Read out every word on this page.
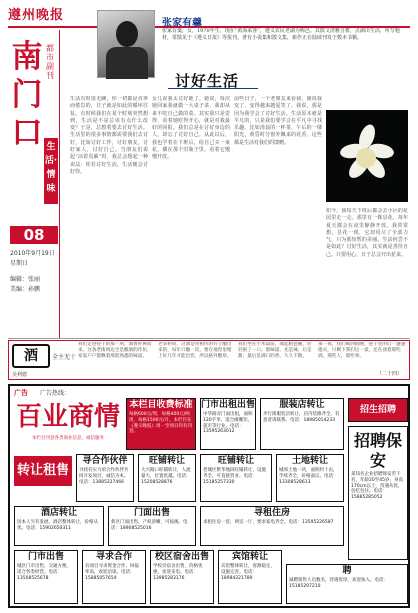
遵州晚报
南
门
口
都市副刊
生活·情味
08
2010年9月19日
星期日
编辑：张丽
美编：孙鹏
张家有羹
张家有羹，女，1970年生，现在“黄海来客”，遵义农民老湖为称邑。其散文清雅含蓄，点滴出生活，所写题材，常散见于《遵义日报》等报刊。著有小说集和散文集，新作正在陆续刊发于数本书籍。
讨好生活
生活有时很无聊，你一切都是直率而倦怠的，日子就是如此的循环往复。有时候我们在某个时刻突然想到，生活是不是总该有点什么改变？于是，总想着要去讨好生活。生活里的很多事情都需要我们去讨好，比如讨好工作，讨好朋友，讨好家人，讨好自己。当朋友们说起“活着真累”时，我总会想起一种说法：你若讨好生活，生活便会讨好你。
女儿说我太讨好她了。她说，每次她回家我就做一大桌子菜，我却从来不吃自己做的菜。其实我只是觉得，看着她吃得开心，就是对我最好的回报。我们总是在讨好身边的人，却忘了讨好自己。从此以后，我也学着在下班后，给自己买一束花，插在那个旧瓶子里，看着它慢慢开放。
前些日子，一个老朋友来看我，她说我变了，变得越来越爱笑了。我说，那是因为我学会了讨好生活。生活原本就是平凡的，只是我们要学会在平凡中寻找乐趣。比如清晨的一杯茶，午后的一缕阳光，黄昏时分窗外飘来的花香，这些都是生活对我们的馈赠。
如今，我每天下班后都会去小区的花园里走一走。那里有一株昙花，每年夏天都会在夜里静静开放。我常常想，昙花一现，它却用尽了全部力气，只为那短暂的美丽。生活何尝不是如此？讨好生活，其实就是善待自己。只要用心，日子总会开出花来。
酒	全主无十
吴利德
我们走进巷子的那一刻，酒香扑鼻而来。这条老街两边全是酿酒的作坊，家家户户都飘着那股熟悉的味道。
老掌柜说，这酒是用祖传的方子酿出来的，每年只酿一次，要在地窖里埋上好几年才能出窖，所以格外醇厚。
我们坐在小木桌前，端起粗瓷碗，轻轻抿了一口。那味道，先是辣，后是甜，最后是满口的香，久久不散。
那一夜，我们喝到很晚。巷子里的灯一盏盏熄灭，只剩下我们这一桌，还在谈着那些酒，那些人，那些事。
（二十四）
广告 广告热线：
百业商情
本栏目刊登各类商业信息，诚信服务
本栏目收费标准
每格600元/周，每格400元/两周，每格1500元/月。本栏目在《遵义晚报》周一至周日均有刊登。
门市出租出售
中华路旁门面出租，面积120平米，适合做餐饮、超市等行业。电话：13595263012
服装店转让
步行街服装店转让，店内装修齐全，有意者请联系。电话：18985014233
招生招聘
转让租售
旺铺转让
老城区繁华地段旺铺转让，设施齐全，可直接营业。电话：15185257330
土地转让
城郊土地一块，面积约十亩，手续齐全，价格面议。电话：13308528613
招聘保安
某知名企业招聘保安若干名，年龄20至45岁，身高170cm以上，待遇从优，包吃包住。电话：15885285052
寻合作伙伴
寻找有实力的合作伙伴共同开发项目，诚信为本。电话：13885227466
旺铺转让
大兴路口旺铺转让，人流量大，位置优越。电话：15208528876
酒店转让
因本人另有发展，酒店整体转让，价格从优。电话：15902650311
门面出售
新区门面出售，产权清晰，可按揭。电话：18908525016
寻租住房
求租住房一套，两室一厅，要求家电齐全。电话：13595226587
门市出售
城区门市出售，交通方便，适合各类经营。电话：13508525678
寻求合作
有项目寻求资金合作，回报率高，欢迎洽谈。电话：15885057654
校区宿舍出售
学校旁宿舍出售，价格优惠，欢迎来电。电话：13985283176
宾馆转让
宾馆整体转让，客源稳定，设施完善。电话：18984221789
聘
诚聘销售人员数名，待遇优厚，欢迎加入。电话：15185297210
